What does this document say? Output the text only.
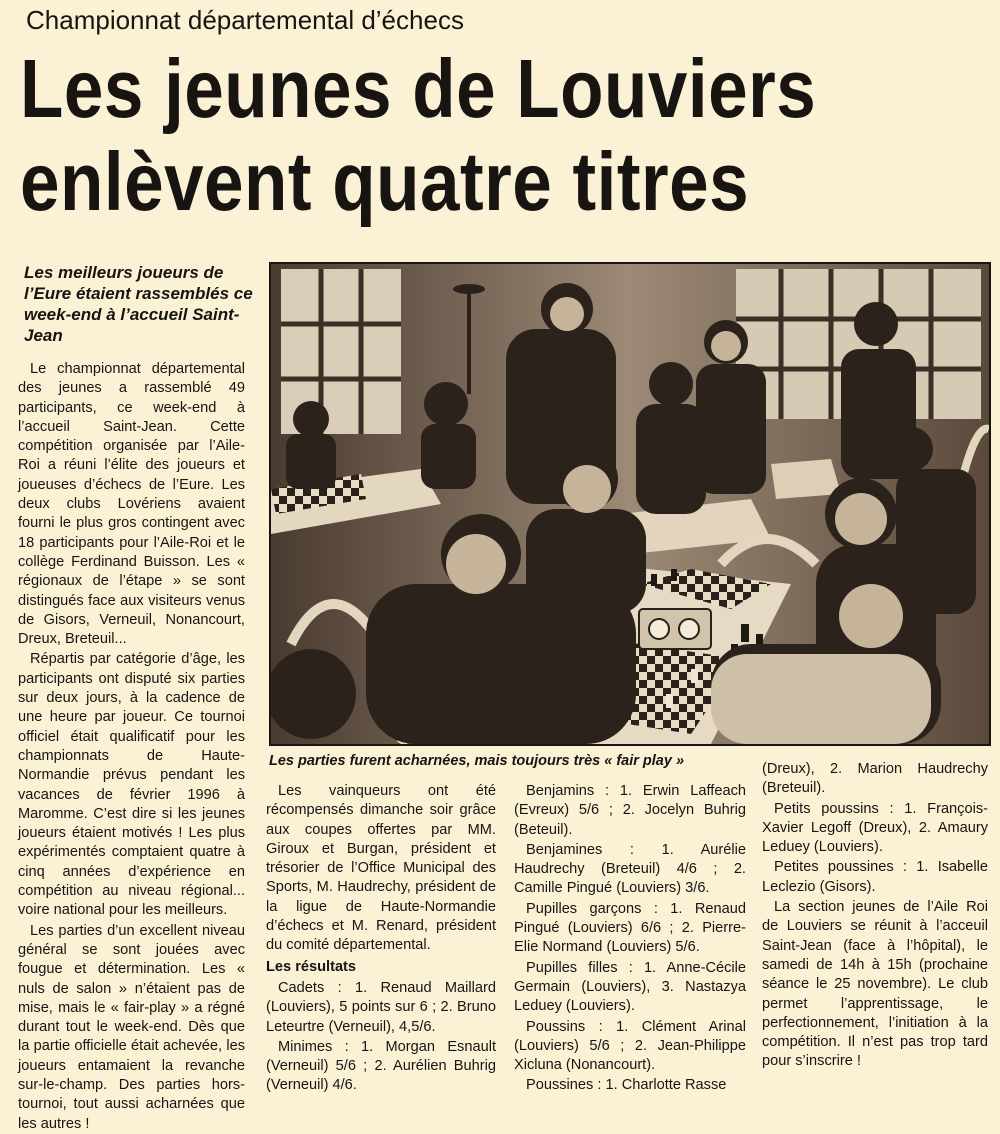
Championnat départemental d’échecs
Les jeunes de Louviers
enlèvent quatre titres
Les meilleurs joueurs de l’Eure étaient rassemblés ce week-end à l’accueil Saint-Jean

Le championnat départemental des jeunes a rassemblé 49 participants, ce week-end à l’accueil Saint-Jean. Cette compétition organisée par l’Aile-Roi a réuni l’élite des joueurs et joueuses d’échecs de l’Eure. Les deux clubs Lovériens avaient fourni le plus gros contingent avec 18 participants pour l’Aile-Roi et le collège Ferdinand Buisson. Les « régionaux de l’étape » se sont distingués face aux visiteurs venus de Gisors, Verneuil, Nonancourt, Dreux, Breteuil...

Répartis par catégorie d’âge, les participants ont disputé six parties sur deux jours, à la cadence de une heure par joueur. Ce tournoi officiel était qualificatif pour les championnats de Haute-Normandie prévus pendant les vacances de février 1996 à Maromme. C’est dire si les jeunes joueurs étaient motivés ! Les plus expérimentés comptaient quatre à cinq années d’expérience en compétition au niveau régional... voire national pour les meilleurs.

Les parties d’un excellent niveau général se sont jouées avec fougue et détermination. Les « nuls de salon » n’étaient pas de mise, mais le « fair-play » a régné durant tout le week-end. Dès que la partie officielle était achevée, les joueurs entamaient la revanche sur-le-champ. Des parties hors-tournoi, tout aussi acharnées que les autres !

Les parties furent acharnées, mais toujours très « fair play »

Les vainqueurs ont été récompensés dimanche soir grâce aux coupes offertes par MM. Giroux et Burgan, président et trésorier de l’Office Municipal des Sports, M. Haudrechy, président de la ligue de Haute-Normandie d’échecs et M. Renard, président du comité départemental.

Les résultats

Cadets : 1. Renaud Maillard (Louviers), 5 points sur 6 ; 2. Bruno Leteurtre (Verneuil), 4,5/6.

Minimes : 1. Morgan Esnault (Verneuil) 5/6 ; 2. Aurélien Buhrig (Verneuil) 4/6.

Benjamins : 1. Erwin Laffeach (Evreux) 5/6 ; 2. Jocelyn Buhrig (Beteuil).

Benjamines : 1. Aurélie Haudrechy (Breteuil) 4/6 ; 2. Camille Pingué (Louviers) 3/6.

Pupilles garçons : 1. Renaud Pingué (Louviers) 6/6 ; 2. Pierre-Elie Normand (Louviers) 5/6.

Pupilles filles : 1. Anne-Cécile Germain (Louviers), 3. Nastazya Leduey (Louviers).

Poussins : 1. Clément Arinal (Louviers) 5/6 ; 2. Jean-Philippe Xicluna (Nonancourt).

Poussines : 1. Charlotte Rasse

(Dreux), 2. Marion Haudrechy (Breteuil).

Petits poussins : 1. François-Xavier Legoff (Dreux), 2. Amaury Leduey (Louviers).

Petites poussines : 1. Isabelle Leclezio (Gisors).

La section jeunes de l’Aile Roi de Louviers se réunit à l’acceuil Saint-Jean (face à l’hôpital), le samedi de 14h à 15h (prochaine séance le 25 novembre). Le club permet l’apprentissage, le perfectionnement, l’initiation à la compétition. Il n’est pas trop tard pour s’inscrire !
